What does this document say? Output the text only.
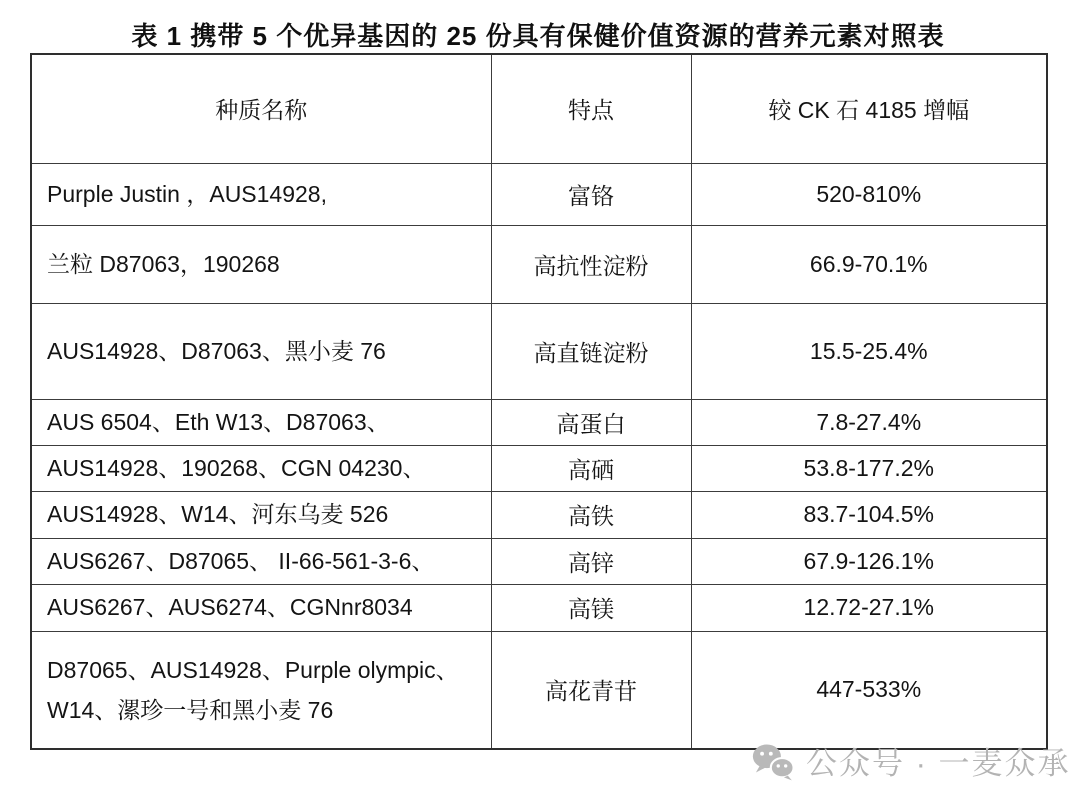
表 1 携带 5 个优异基因的 25 份具有保健价值资源的营养元素对照表
种质名称	特点	较 CK 石 4185 增幅
Purple Justin ，AUS14928,	富铬	520-810%
兰粒 D87063，190268	高抗性淀粉	66.9-70.1%
AUS14928、D87063、黑小麦 76	高直链淀粉	15.5-25.4%
AUS 6504、Eth W13、D87063、	高蛋白	7.8-27.4%
AUS14928、190268、CGN 04230、	高硒	53.8-177.2%
AUS14928、W14、河东乌麦 526	高铁	83.7-104.5%
AUS6267、D87065、 II-66-561-3-6、	高锌	67.9-126.1%
AUS6267、AUS6274、CGNnr8034	高镁	12.72-27.1%
D87065、AUS14928、Purple olympic、W14、漯珍一号和黑小麦 76	高花青苷	447-533%
公众号 · 一麦众承
